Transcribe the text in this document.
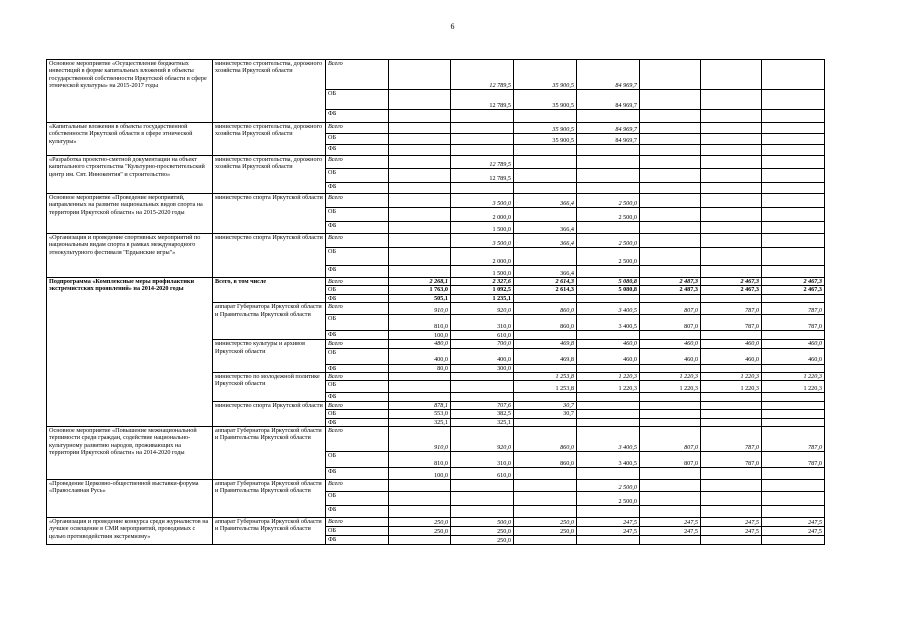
6
Основное мероприятие «Осуществление бюджетных инвестиций в форме капитальных вложений в объекты государственной собственности Иркутской области в сфере этнической культуры» на 2015-2017 годы	министерство строительства, дорожного хозяйства Иркутской области	Всего		12 789,5	35 900,5	84 969,7			
		ОБ		12 789,5	35 900,5	84 969,7			
		ФБ							
«Капитальные вложения в объекты государственной собственности Иркутской области в сфере этнической культуры»	министерство строительства, дорожного хозяйства Иркутской области	Всего			35 900,5	84 969,7			
		ОБ			35 900,5	84 969,7			
		ФБ							
«Разработка проектно-сметной документации на объект капитального строительства "Культурно-просветительский центр им. Свт. Иннокентия" и строительство»	министерство строительства, дорожного хозяйства Иркутской области	Всего		12 789,5					
		ОБ		12 789,5					
		ФБ							
Основное мероприятие «Проведение мероприятий, направленных на развитие национальных видов спорта на территории Иркутской области» на 2015-2020 годы	министерство спорта Иркутской области	Всего		3 500,0	366,4	2 500,0			
		ОБ		2 000,0		2 500,0			
		ФБ		1 500,0	366,4				
«Организация и проведение спортивных мероприятий по национальным видам спорта в рамках международного этнокультурного фестиваля "Ердынские игры"»	министерство спорта Иркутской области	Всего		3 500,0	366,4	2 500,0			
		ОБ		2 000,0		2 500,0			
		ФБ		1 500,0	366,4				
Подпрограмма «Комплексные меры профилактики экстремистских проявлений» на 2014-2020 годы	Всего, в том числе	Всего	2 268,1	2 327,6	2 614,3	5 080,8	2 487,3	2 467,3	2 467,3
		ОБ	1 763,0	1 092,5	2 614,3	5 080,8	2 487,3	2 467,3	2 467,3
		ФБ	505,1	1 235,1					
	аппарат Губернатора Иркутской области и Правительства Иркутской области	Всего	910,0	920,0	860,0	3 400,5	807,0	787,0	787,0
		ОБ	810,0	310,0	860,0	3 400,5	807,0	787,0	787,0
		ФБ	100,0	610,0					
	министерство культуры и архивов Иркутской области	Всего	480,0	700,0	469,8	460,0	460,0	460,0	460,0
		ОБ	400,0	400,0	469,8	460,0	460,0	460,0	460,0
		ФБ	80,0	300,0					
	министерство по молодежной политике Иркутской области	Всего			1 253,8	1 220,3	1 220,3	1 220,3	1 220,3
		ОБ			1 253,8	1 220,3	1 220,3	1 220,3	1 220,3
		ФБ							
	министерство спорта Иркутской области	Всего	878,1	707,6	30,7				
		ОБ	553,0	382,5	30,7				
		ФБ	325,1	325,1					
Основное мероприятие «Повышение межнациональной терпимости среди граждан, содействие национально-культурному развитию народов, проживающих на территории Иркутской области» на 2014-2020 годы	аппарат Губернатора Иркутской области и Правительства Иркутской области	Всего	910,0	920,0	860,0	3 400,5	807,0	787,0	787,0
		ОБ	810,0	310,0	860,0	3 400,5	807,0	787,0	787,0
		ФБ	100,0	610,0					
«Проведение Церковно-общественной выставки-форума «Православная Русь»	аппарат Губернатора Иркутской области и Правительства Иркутской области	Всего				2 500,0			
		ОБ				2 500,0			
		ФБ							
«Организация и проведение конкурса среди журналистов на лучшее освещение в СМИ мероприятий, проводимых с целью противодействия экстремизму»	аппарат Губернатора Иркутской области и Правительства Иркутской области	Всего	250,0	500,0	250,0	247,5	247,5	247,5	247,5
		ОБ	250,0	250,0	250,0	247,5	247,5	247,5	247,5
		ФБ		250,0					
